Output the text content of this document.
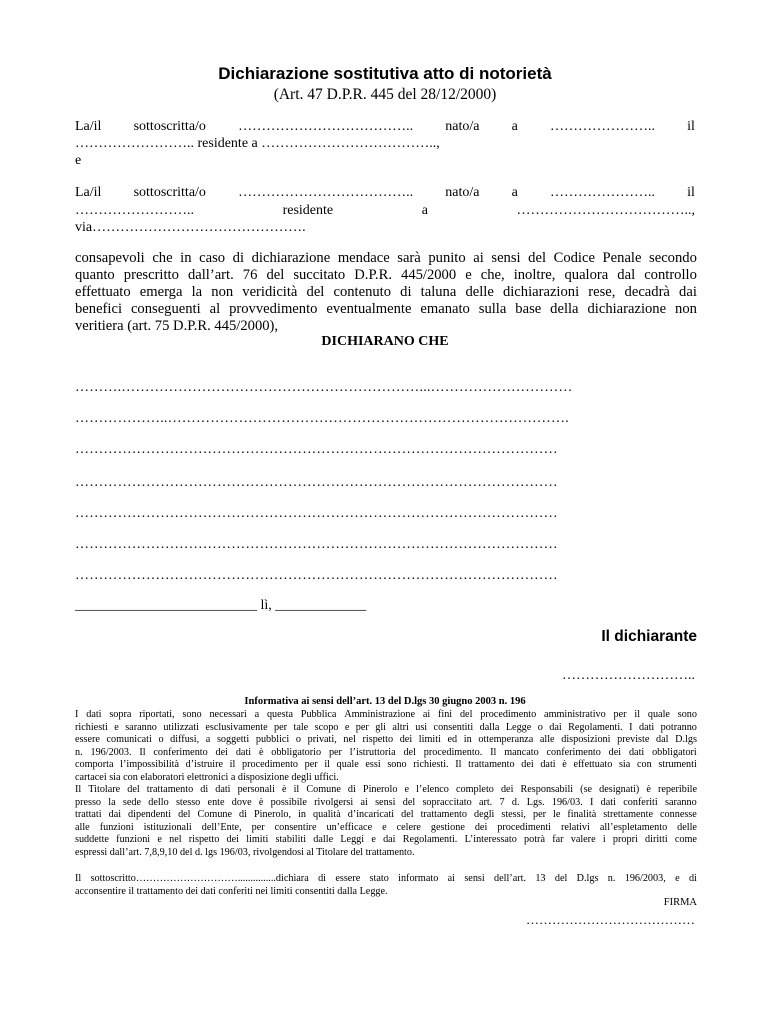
Dichiarazione sostitutiva atto di notorietà
(Art. 47 D.P.R. 445 del 28/12/2000)
La/il sottoscritta/o ……………………………….. nato/a a ………………….. il
…………………….. residente a ………………………………..,
e
La/il sottoscritta/o ……………………………….. nato/a a ………………….. il
……………………..	residente	a	………………………………..,
via……………………………………….
consapevoli che in caso di dichiarazione mendace sarà punito ai sensi del Codice Penale secondo
quanto prescritto dall’art. 76 del succitato D.P.R. 445/2000 e che, inoltre, qualora dal controllo
effettuato emerga la non veridicità del contenuto di taluna delle dichiarazioni rese, decadrà dai
benefici conseguenti al provvedimento eventualmente emanato sulla base della dichiarazione non
veritiera (art. 75 D.P.R. 445/2000),
DICHIARANO CHE
……….………………………………………………………...…………………………
………………..………………………………………………………………………….
…………………………………………………………………………………………
…………………………………………………………………………………………
…………………………………………………………………………………………
…………………………………………………………………………………………
…………………………………………………………………………………………
__________________________ lì, _____________
Il dichiarante
………………………..
Informativa ai sensi dell’art. 13 del D.lgs 30 giugno 2003 n. 196
I dati sopra riportati, sono necessari a questa Pubblica Amministrazione ai fini del procedimento amministrativo per il quale sono
richiesti e saranno utilizzati esclusivamente per tale scopo e per gli altri usi consentiti dalla Legge o dai Regolamenti. I dati potranno
essere comunicati o diffusi, a soggetti pubblici o privati, nel rispetto dei limiti ed in ottemperanza alle disposizioni previste dal D.lgs
n. 196/2003. Il conferimento dei dati è obbligatorio per l’istruttoria del procedimento. Il mancato conferimento dei dati obbligatori
comporta l’impossibilità d’istruire il procedimento per il quale essi sono richiesti. Il trattamento dei dati è effettuato sia con strumenti
cartacei sia con elaboratori elettronici a disposizione degli uffici.
Il Titolare del trattamento di dati personali è il Comune di Pinerolo e l’elenco completo dei Responsabili (se designati) è reperibile
presso la sede dello stesso ente dove è possibile rivolgersi ai sensi del sopraccitato art. 7 d. Lgs. 196/03. I dati conferiti saranno
trattati dai dipendenti del Comune di Pinerolo, in qualità d’incaricati del trattamento degli stessi, per le finalità strettamente connesse
alle funzioni istituzionali dell’Ente, per consentire un’efficace e celere gestione dei procedimenti relativi all’espletamento delle
suddette funzioni e nel rispetto dei limiti stabiliti dalle Leggi e dai Regolamenti. L’interessato potrà far valere i propri diritti come
espressi dall’art. 7,8,9,10 del d. lgs 196/03, rivolgendosi al Titolare del trattamento.
Il sottoscritto…………………………...............dichiara di essere stato informato ai sensi dell’art. 13 del D.lgs n. 196/2003, e di
acconsentire il trattamento dei dati conferiti nei limiti consentiti dalla Legge.
FIRMA
…………………………………
